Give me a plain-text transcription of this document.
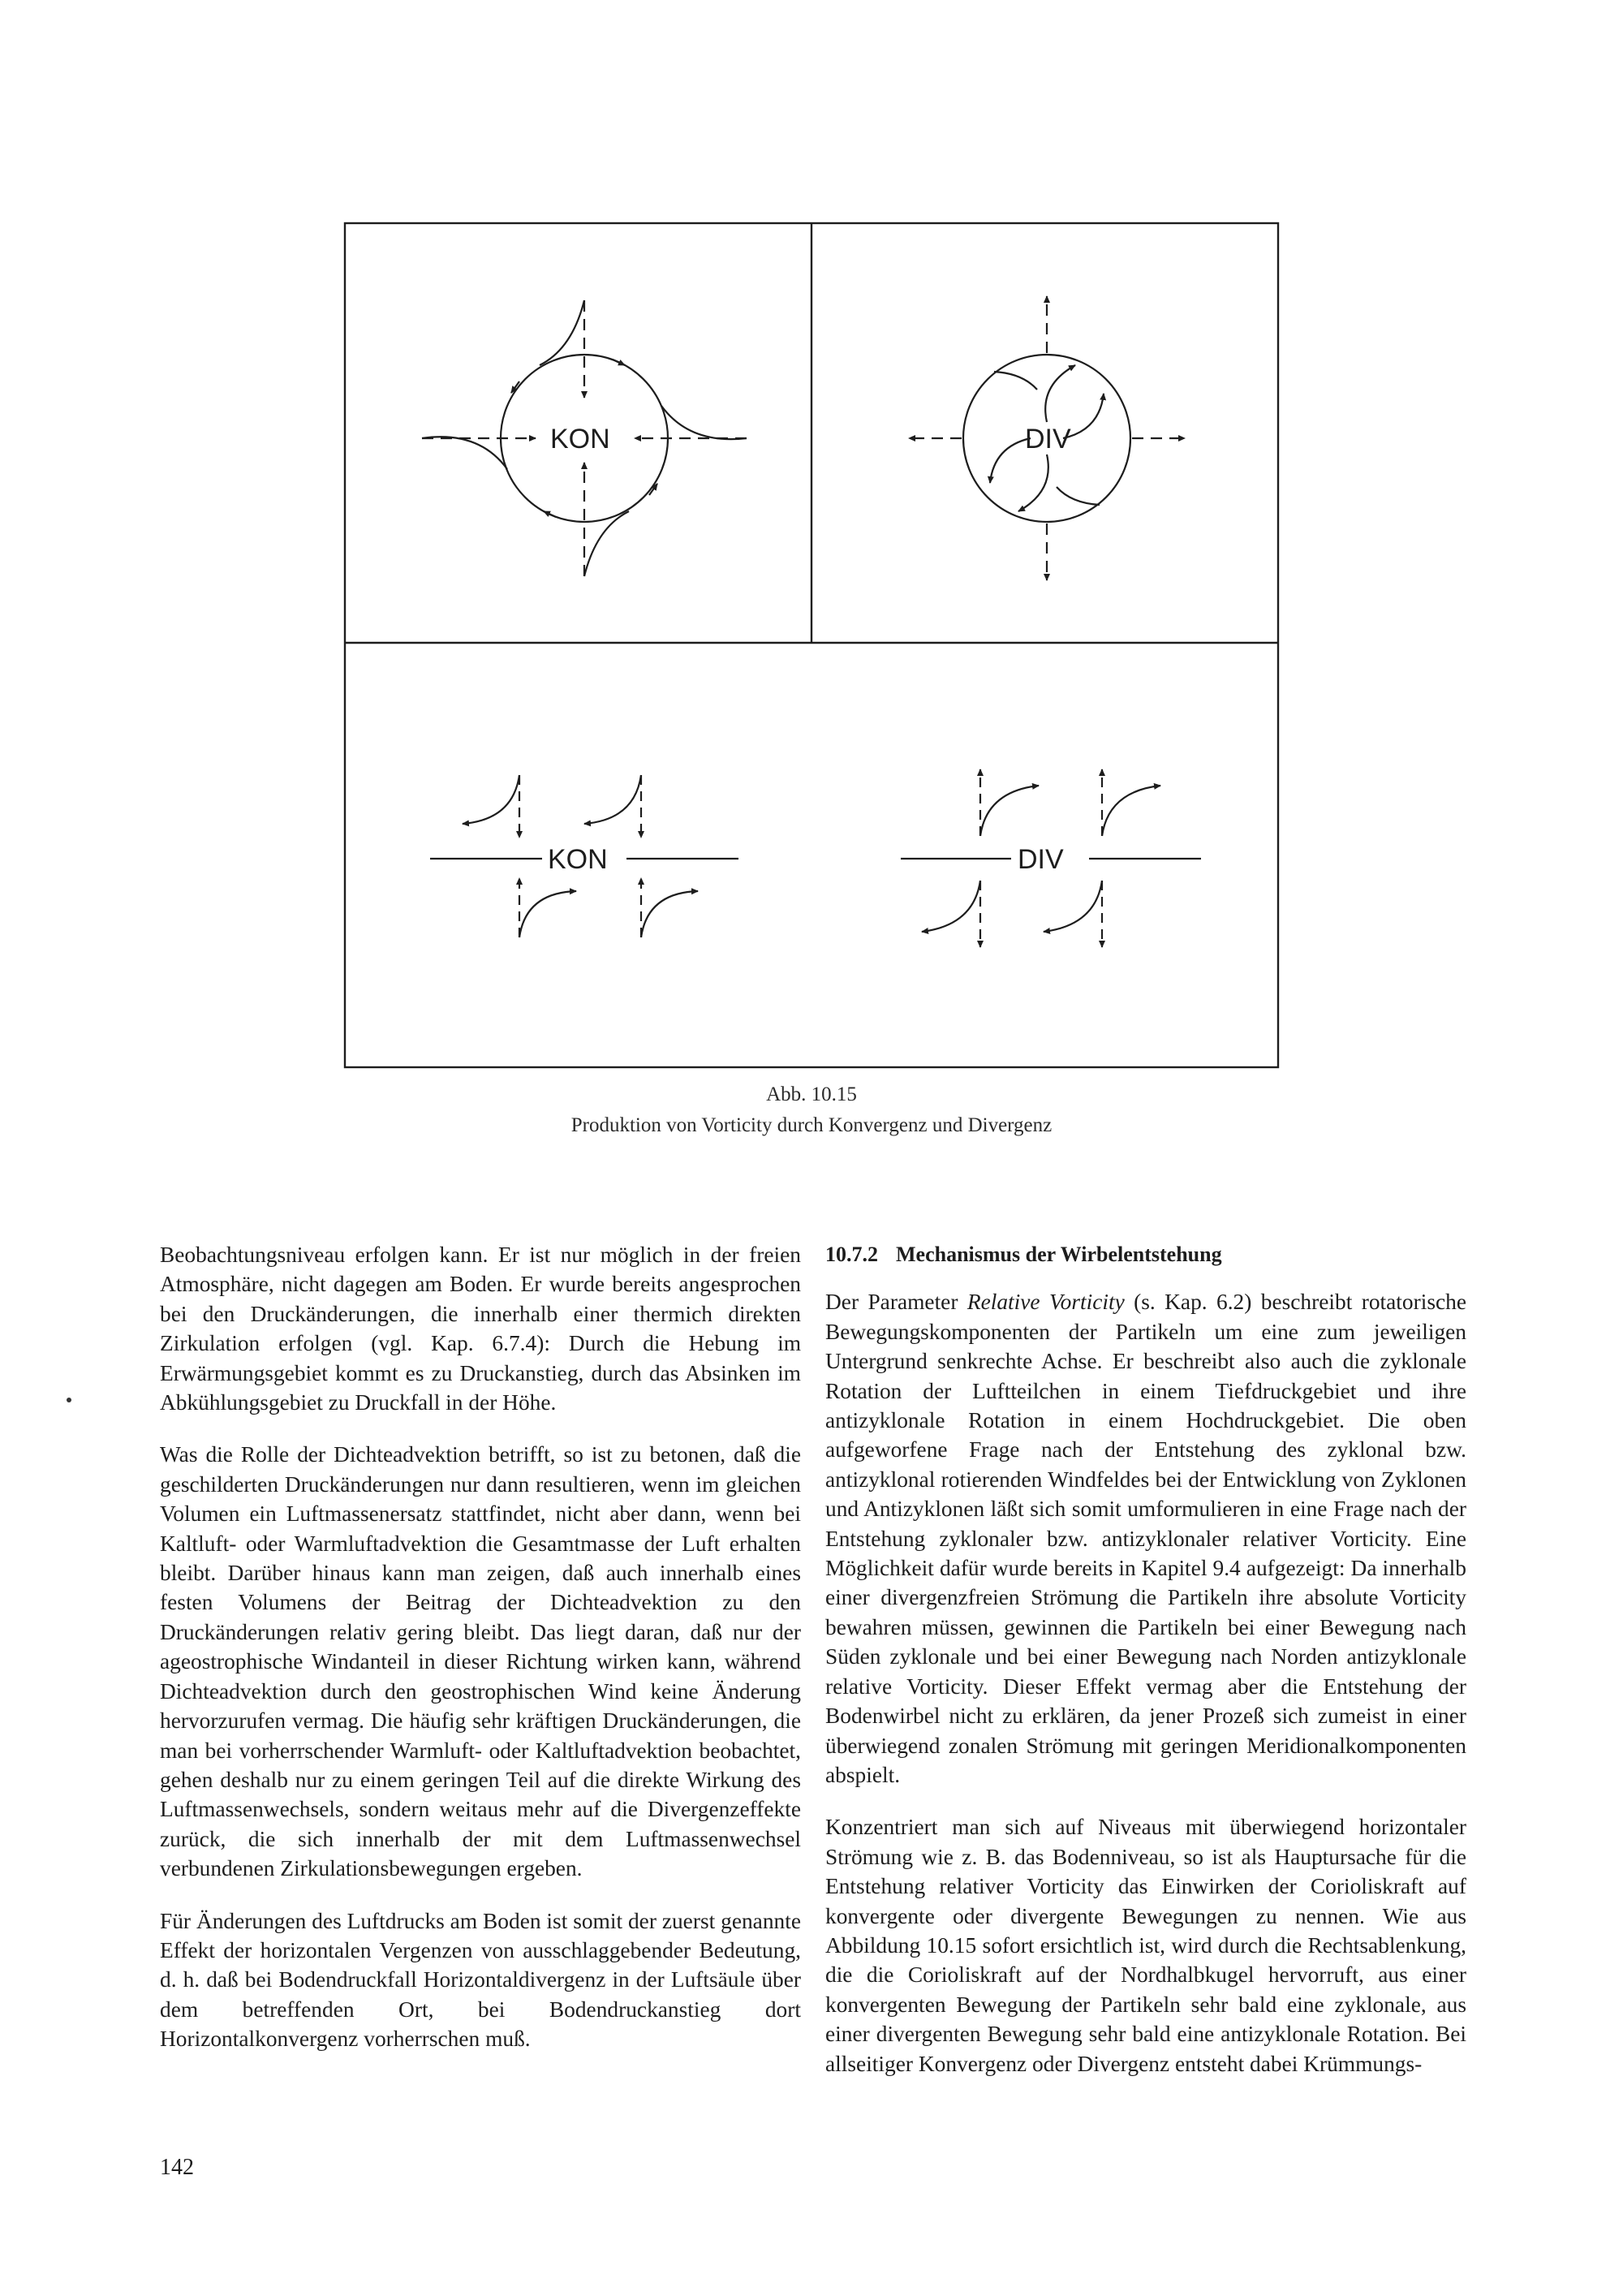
KON	DIV
KON	DIV
Abb. 10.15
Produktion von Vorticity durch Konvergenz und Divergenz

Beobachtungsniveau erfolgen kann. Er ist nur möglich in der freien Atmosphäre, nicht dagegen am Boden. Er wurde bereits angesprochen bei den Druckänderungen, die innerhalb einer thermich direkten Zirkulation erfolgen (vgl. Kap. 6.7.4): Durch die Hebung im Erwärmungsgebiet kommt es zu Druckanstieg, durch das Absinken im Abkühlungsgebiet zu Druckfall in der Höhe.

Was die Rolle der Dichteadvektion betrifft, so ist zu betonen, daß die geschilderten Druckänderungen nur dann resultieren, wenn im gleichen Volumen ein Luftmassenersatz stattfindet, nicht aber dann, wenn bei Kaltluft- oder Warmluftadvektion die Gesamtmasse der Luft erhalten bleibt. Darüber hinaus kann man zeigen, daß auch innerhalb eines festen Volumens der Beitrag der Dichteadvektion zu den Druckänderungen relativ gering bleibt. Das liegt daran, daß nur der ageostrophische Windanteil in dieser Richtung wirken kann, während Dichteadvektion durch den geostrophischen Wind keine Änderung hervorzurufen vermag. Die häufig sehr kräftigen Druckänderungen, die man bei vorherrschender Warmluft- oder Kaltluftadvektion beobachtet, gehen deshalb nur zu einem geringen Teil auf die direkte Wirkung des Luftmassenwechsels, sondern weitaus mehr auf die Divergenzeffekte zurück, die sich innerhalb der mit dem Luftmassenwechsel verbundenen Zirkulationsbewegungen ergeben.

Für Änderungen des Luftdrucks am Boden ist somit der zuerst genannte Effekt der horizontalen Vergenzen von ausschlaggebender Bedeutung, d. h. daß bei Bodendruckfall Horizontaldivergenz in der Luftsäule über dem betreffenden Ort, bei Bodendruckanstieg dort Horizontalkonvergenz vorherrschen muß.

10.7.2 Mechanismus der Wirbelentstehung

Der Parameter Relative Vorticity (s. Kap. 6.2) beschreibt rotatorische Bewegungskomponenten der Partikeln um eine zum jeweiligen Untergrund senkrechte Achse. Er beschreibt also auch die zyklonale Rotation der Luftteilchen in einem Tiefdruckgebiet und ihre antizyklonale Rotation in einem Hochdruckgebiet. Die oben aufgeworfene Frage nach der Entstehung des zyklonal bzw. antizyklonal rotierenden Windfeldes bei der Entwicklung von Zyklonen und Antizyklonen läßt sich somit umformulieren in eine Frage nach der Entstehung zyklonaler bzw. antizyklonaler relativer Vorticity. Eine Möglichkeit dafür wurde bereits in Kapitel 9.4 aufgezeigt: Da innerhalb einer divergenzfreien Strömung die Partikeln ihre absolute Vorticity bewahren müssen, gewinnen die Partikeln bei einer Bewegung nach Süden zyklonale und bei einer Bewegung nach Norden antizyklonale relative Vorticity. Dieser Effekt vermag aber die Entstehung der Bodenwirbel nicht zu erklären, da jener Prozeß sich zumeist in einer überwiegend zonalen Strömung mit geringen Meridionalkomponenten abspielt.

Konzentriert man sich auf Niveaus mit überwiegend horizontaler Strömung wie z. B. das Bodenniveau, so ist als Hauptursache für die Entstehung relativer Vorticity das Einwirken der Corioliskraft auf konvergente oder divergente Bewegungen zu nennen. Wie aus Abbildung 10.15 sofort ersichtlich ist, wird durch die Rechtsablenkung, die die Corioliskraft auf der Nordhalbkugel hervorruft, aus einer konvergenten Bewegung der Partikeln sehr bald eine zyklonale, aus einer divergenten Bewegung sehr bald eine antizyklonale Rotation. Bei allseitiger Konvergenz oder Divergenz entsteht dabei Krümmungs-

142
